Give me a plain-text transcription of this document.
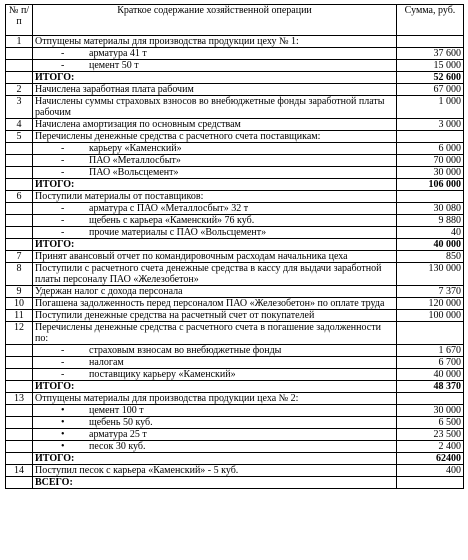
№ п/п	Краткое содержание хозяйственной операции	Сумма, руб.
1	Отпущены материалы для производства продукции цеху № 1:	
	- арматура 41 т	37 600
	- цемент 50 т	15 000
	ИТОГО:	52 600
2	Начислена заработная плата рабочим	67 000
3	Начислены суммы страховых взносов во внебюджетные фонды заработной платы рабочим	1 000
4	Начислена амортизация по основным средствам	3 000
5	Перечислены денежные средства с расчетного счета поставщикам:	
	- карьеру «Каменский»	6 000
	- ПАО «Металлосбыт»	70 000
	- ПАО «Вольсцемент»	30 000
	ИТОГО:	106 000
6	Поступили материалы от поставщиков:	
	- арматура с ПАО «Металлосбыт» 32 т	30 080
	- щебень с карьера «Каменский» 76 куб.	9 880
	- прочие материалы с ПАО «Вольсцемент»	40
	ИТОГО:	40 000
7	Принят авансовый отчет по командировочным расходам начальника цеха	850
8	Поступили с расчетного счета денежные средства в кассу для выдачи заработной платы персоналу ПАО «Железобетон»	130 000
9	Удержан налог с дохода персонала	7 370
10	Погашена задолженность перед персоналом ПАО «Железобетон» по оплате труда	120 000
11	Поступили денежные средства на расчетный счет от покупателей	100 000
12	Перечислены денежные средства с расчетного счета в погашение задолженности по:	
	- страховым взносам во внебюджетные фонды	1 670
	- налогам	6 700
	- поставщику карьеру «Каменский»	40 000
	ИТОГО:	48 370
13	Отпущены материалы для производства продукции цеха № 2:	
	• цемент 100 т	30 000
	• щебень 50 куб.	6 500
	• арматура 25 т	23 500
	• песок 30 куб.	2 400
	ИТОГО:	62400
14	Поступил песок с карьера «Каменский» - 5 куб.	400
	ВСЕГО:	
